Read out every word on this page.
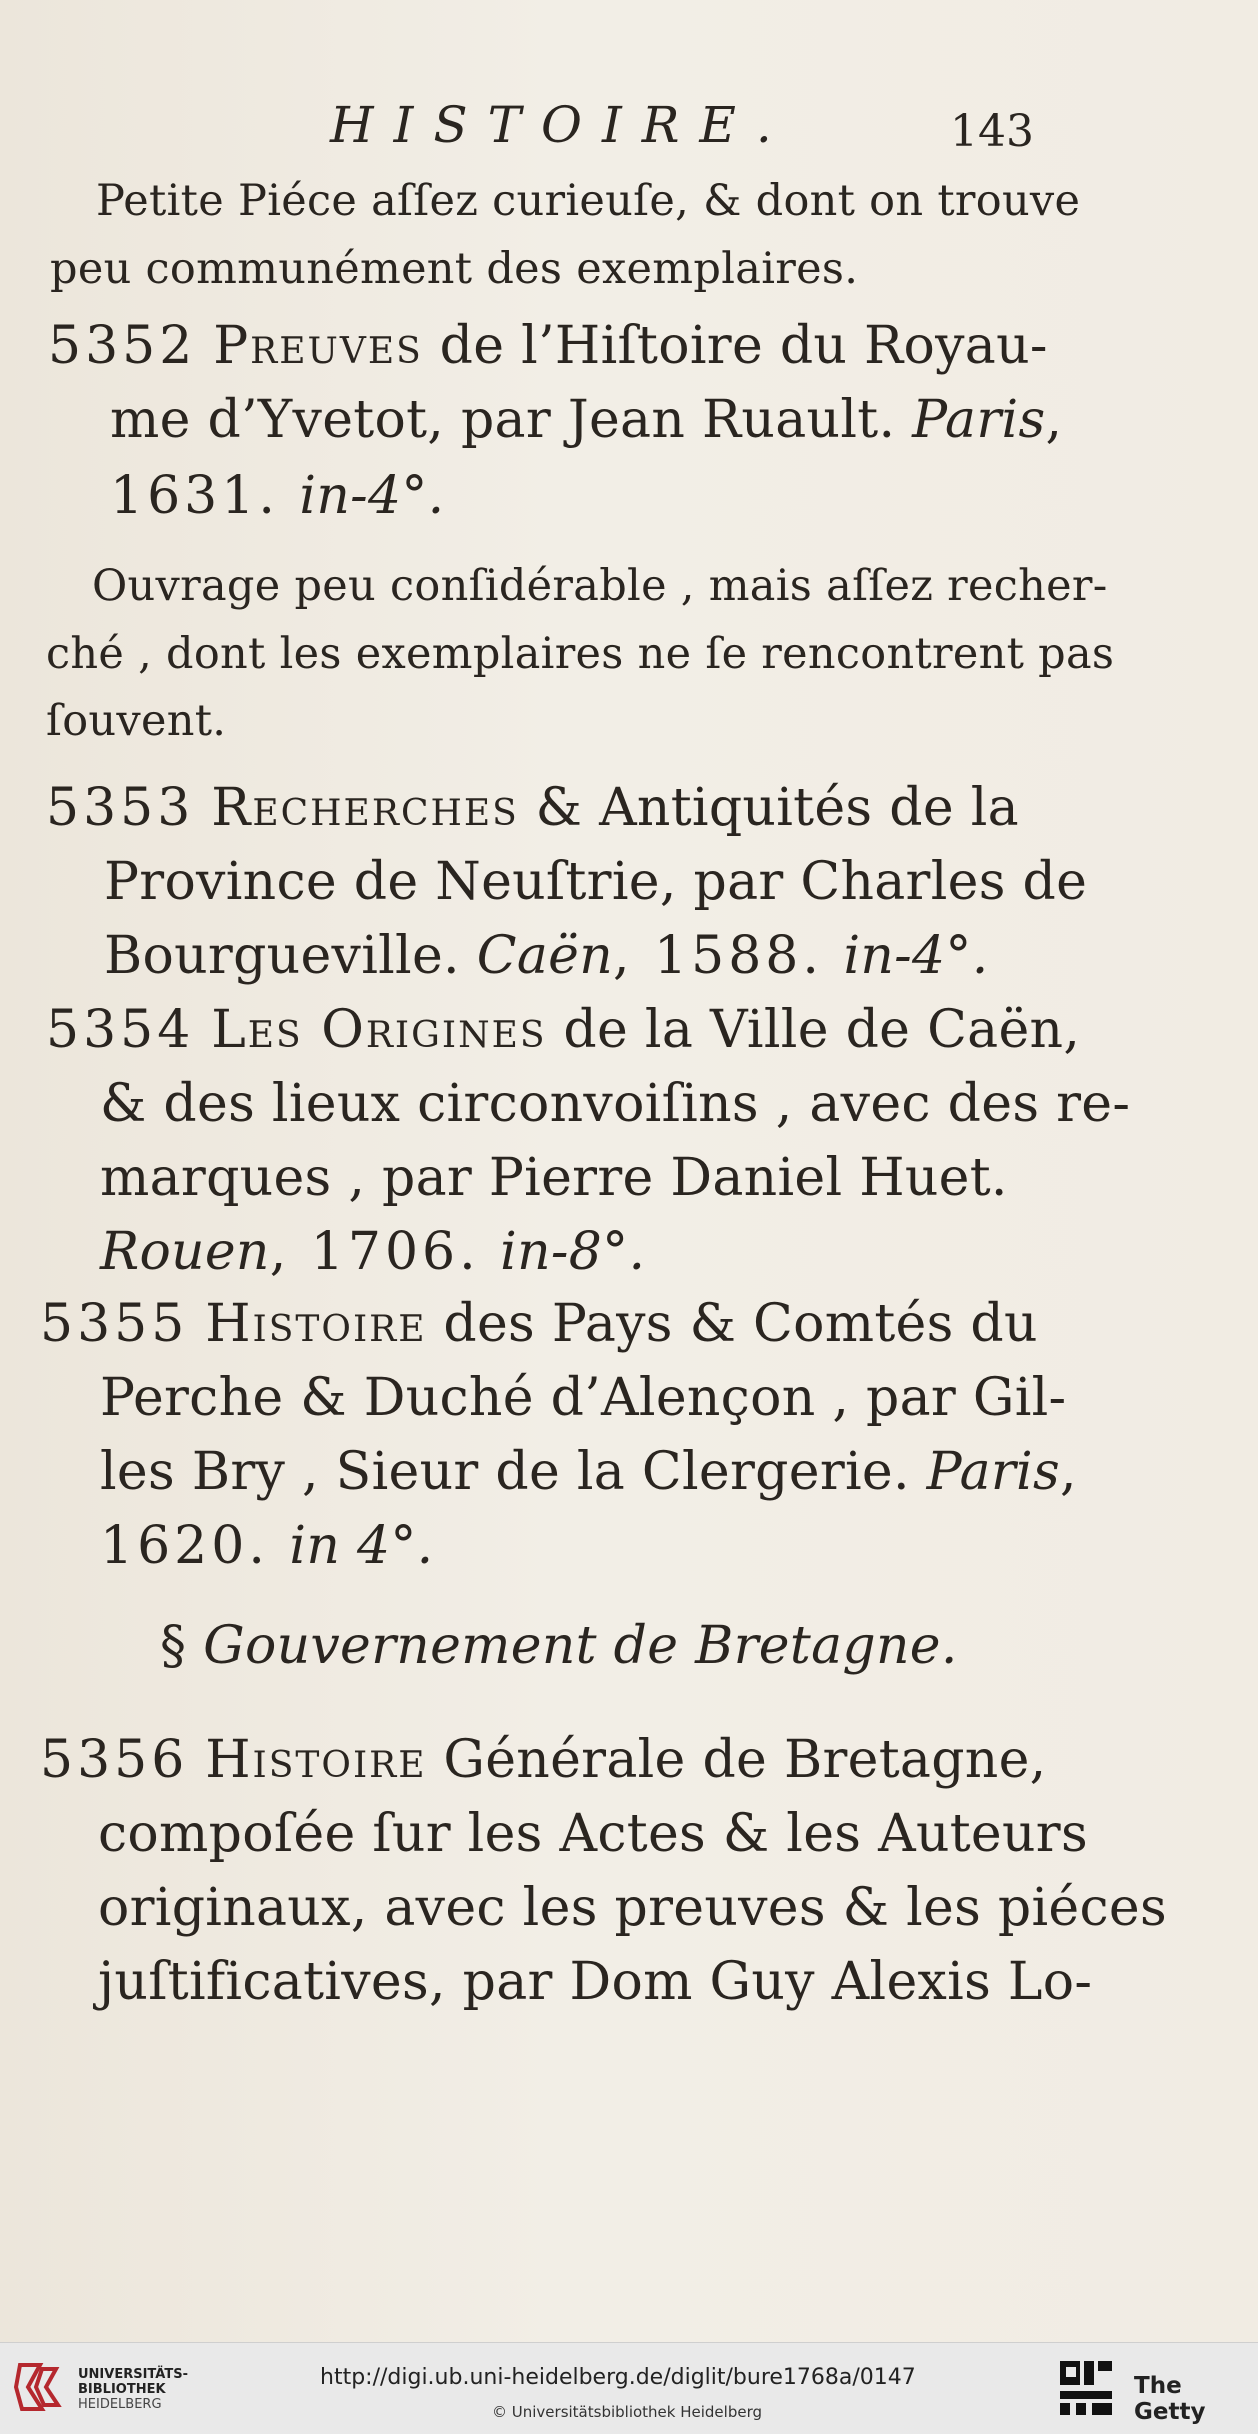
HISTOIRE.	143
Petite Piéce aſſez curieuſe, & dont on trouve
peu communément des exemplaires.
5352 Preuves de l’Hiſtoire du Royau-
me d’Yvetot, par Jean Ruault. Paris,
1631. in-4°.
Ouvrage peu conſidérable , mais aſſez recher-
ché , dont les exemplaires ne ſe rencontrent pas
ſouvent.
5353 Recherches & Antiquités de la
Province de Neuſtrie, par Charles de
Bourgueville. Caën, 1588. in-4°.
5354 Les Origines de la Ville de Caën,
& des lieux circonvoiſins , avec des re-
marques , par Pierre Daniel Huet.
Rouen, 1706. in-8°.
5355 Histoire des Pays & Comtés du
Perche & Duché d’Alençon , par Gil-
les Bry , Sieur de la Clergerie. Paris,
1620. in 4°.
§ Gouvernement de Bretagne.
5356 Histoire Générale de Bretagne,
compoſée ſur les Actes & les Auteurs
originaux, avec les preuves & les piéces
juſtificatives, par Dom Guy Alexis Lo-
UNIVERSITÄTS-
BIBLIOTHEK
HEIDELBERG
http://digi.ub.uni-heidelberg.de/diglit/bure1768a/0147
© Universitätsbibliothek Heidelberg
The Getty
